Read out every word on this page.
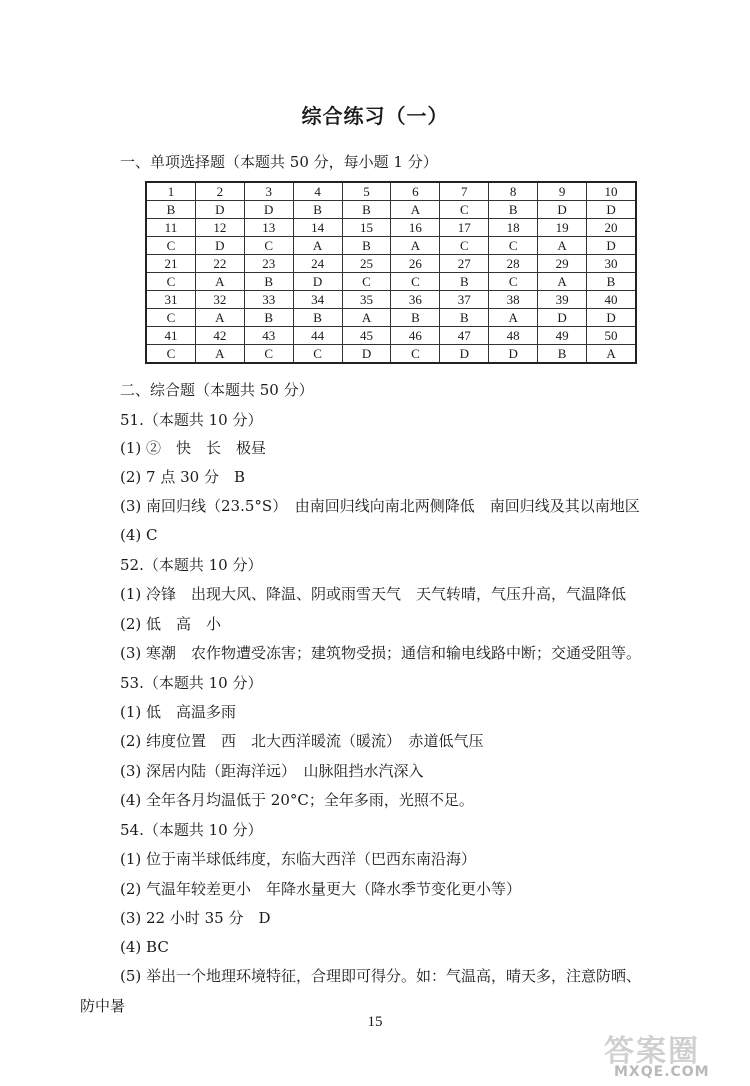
综合练习（一）
一、单项选择题（本题共 50 分，每小题 1 分）
1	2	3	4	5	6	7	8	9	10
B	D	D	B	B	A	C	B	D	D
11	12	13	14	15	16	17	18	19	20
C	D	C	A	B	A	C	C	A	D
21	22	23	24	25	26	27	28	29	30
C	A	B	D	C	C	B	C	A	B
31	32	33	34	35	36	37	38	39	40
C	A	B	B	A	B	B	A	D	D
41	42	43	44	45	46	47	48	49	50
C	A	C	C	D	C	D	D	B	A
二、综合题（本题共 50 分）
51.（本题共 10 分）
(1) ②　快　长　极昼
(2) 7 点 30 分　B
(3) 南回归线（23.5°S）　由南回归线向南北两侧降低　南回归线及其以南地区
(4) C
52.（本题共 10 分）
(1) 冷锋　出现大风、降温、阴或雨雪天气　天气转晴，气压升高，气温降低
(2) 低　高　小
(3) 寒潮　农作物遭受冻害；建筑物受损；通信和输电线路中断；交通受阻等。
53.（本题共 10 分）
(1) 低　高温多雨
(2) 纬度位置　西　北大西洋暖流（暖流）　赤道低气压
(3) 深居内陆（距海洋远）　山脉阻挡水汽深入
(4) 全年各月均温低于 20°C；全年多雨，光照不足。
54.（本题共 10 分）
(1) 位于南半球低纬度，东临大西洋（巴西东南沿海）
(2) 气温年较差更小　年降水量更大（降水季节变化更小等）
(3) 22 小时 35 分　D
(4) BC
(5) 举出一个地理环境特征，合理即可得分。如：气温高，晴天多，注意防晒、
防中暑
15
答案圈
MXQE.COM
